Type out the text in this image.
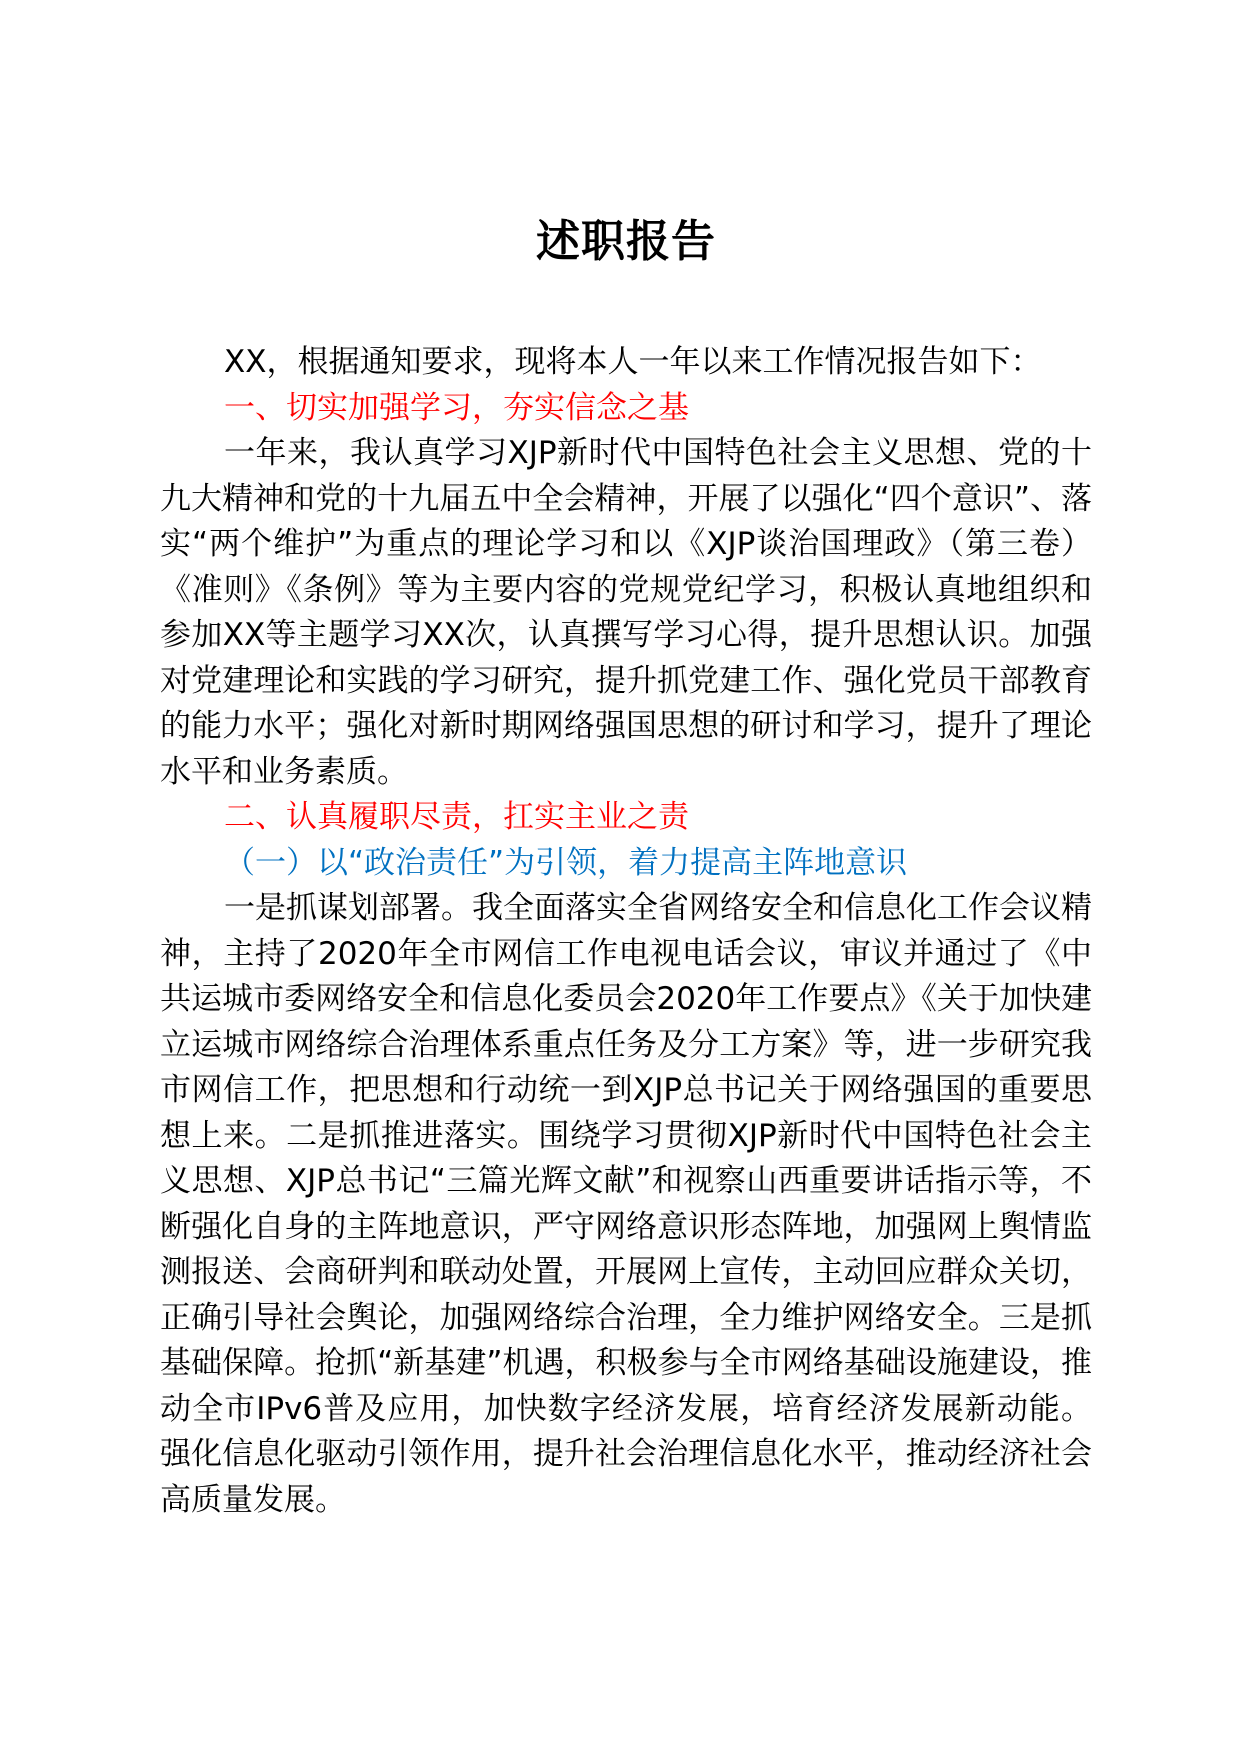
述职报告

XX，根据通知要求，现将本人一年以来工作情况报告如下：

一、切实加强学习，夯实信念之基

一年来，我认真学习XJP新时代中国特色社会主义思想、党的十九大精神和党的十九届五中全会精神，开展了以强化“四个意识”、落实“两个维护”为重点的理论学习和以《XJP谈治国理政》（第三卷）《准则》《条例》等为主要内容的党规党纪学习，积极认真地组织和参加XX等主题学习XX次，认真撰写学习心得，提升思想认识。加强对党建理论和实践的学习研究，提升抓党建工作、强化党员干部教育的能力水平；强化对新时期网络强国思想的研讨和学习，提升了理论水平和业务素质。

二、认真履职尽责，扛实主业之责

（一）以“政治责任”为引领，着力提高主阵地意识

一是抓谋划部署。我全面落实全省网络安全和信息化工作会议精神，主持了2020年全市网信工作电视电话会议，审议并通过了《中共运城市委网络安全和信息化委员会2020年工作要点》《关于加快建立运城市网络综合治理体系重点任务及分工方案》等，进一步研究我市网信工作，把思想和行动统一到XJP总书记关于网络强国的重要思想上来。二是抓推进落实。围绕学习贯彻XJP新时代中国特色社会主义思想、XJP总书记“三篇光辉文献”和视察山西重要讲话指示等，不断强化自身的主阵地意识，严守网络意识形态阵地，加强网上舆情监测报送、会商研判和联动处置，开展网上宣传，主动回应群众关切，正确引导社会舆论，加强网络综合治理，全力维护网络安全。三是抓基础保障。抢抓“新基建”机遇，积极参与全市网络基础设施建设，推动全市IPv6普及应用，加快数字经济发展，培育经济发展新动能。强化信息化驱动引领作用，提升社会治理信息化水平，推动经济社会高质量发展。
